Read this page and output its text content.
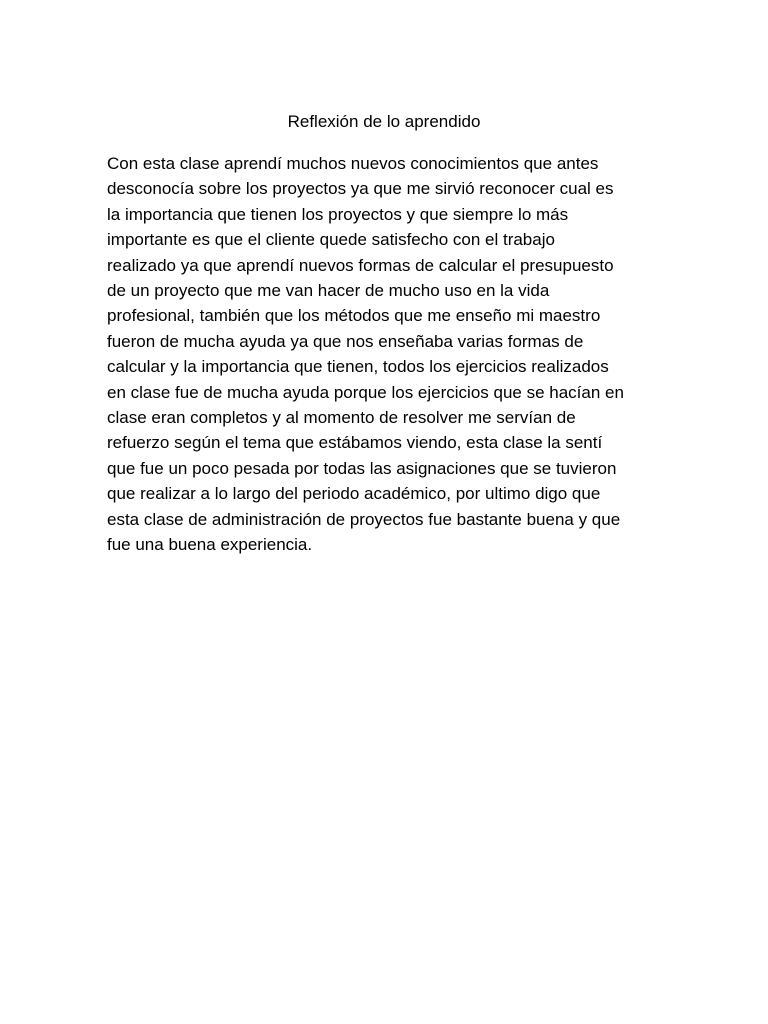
Reflexión de lo aprendido
Con esta clase aprendí muchos nuevos conocimientos que antes
desconocía sobre los proyectos ya que me sirvió reconocer cual es
la importancia que tienen los proyectos y que siempre lo más
importante es que el cliente quede satisfecho con el trabajo
realizado ya que aprendí nuevos formas de calcular el presupuesto
de un proyecto que me van hacer de mucho uso en la vida
profesional, también que los métodos que me enseño mi maestro
fueron de mucha ayuda ya que nos enseñaba varias formas de
calcular y la importancia que tienen, todos los ejercicios realizados
en clase fue de mucha ayuda porque los ejercicios que se hacían en
clase eran completos y al momento de resolver me servían de
refuerzo según el tema que estábamos viendo, esta clase la sentí
que fue un poco pesada por todas las asignaciones que se tuvieron
que realizar a lo largo del periodo académico, por ultimo digo que
esta clase de administración de proyectos fue bastante buena y que
fue una buena experiencia.
